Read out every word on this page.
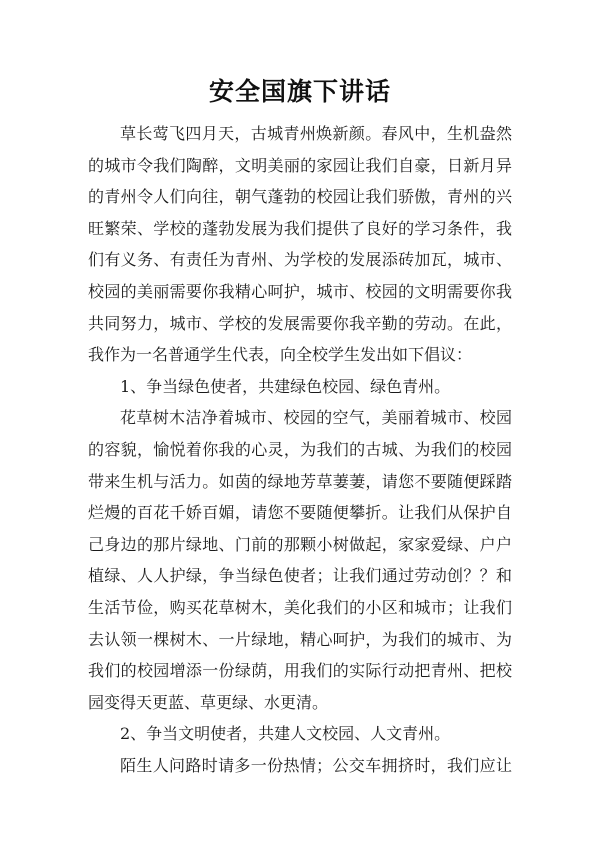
安全国旗下讲话
草长莺飞四月天，古城青州焕新颜。春风中，生机盎然
的城市令我们陶醉，文明美丽的家园让我们自豪，日新月异
的青州令人们向往，朝气蓬勃的校园让我们骄傲，青州的兴
旺繁荣、学校的蓬勃发展为我们提供了良好的学习条件，我
们有义务、有责任为青州、为学校的发展添砖加瓦，城市、
校园的美丽需要你我精心呵护，城市、校园的文明需要你我
共同努力，城市、学校的发展需要你我辛勤的劳动。在此，
我作为一名普通学生代表，向全校学生发出如下倡议：
1、争当绿色使者，共建绿色校园、绿色青州。
花草树木洁净着城市、校园的空气，美丽着城市、校园
的容貌，愉悦着你我的心灵，为我们的古城、为我们的校园
带来生机与活力。如茵的绿地芳草萋萋，请您不要随便踩踏
烂熳的百花千娇百媚，请您不要随便攀折。让我们从保护自
己身边的那片绿地、门前的那颗小树做起，家家爱绿、户户
植绿、人人护绿，争当绿色使者；让我们通过劳动创？？和
生活节俭，购买花草树木，美化我们的小区和城市；让我们
去认领一棵树木、一片绿地，精心呵护，为我们的城市、为
我们的校园增添一份绿荫，用我们的实际行动把青州、把校
园变得天更蓝、草更绿、水更清。
2、争当文明使者，共建人文校园、人文青州。
陌生人问路时请多一份热情；公交车拥挤时，我们应让
